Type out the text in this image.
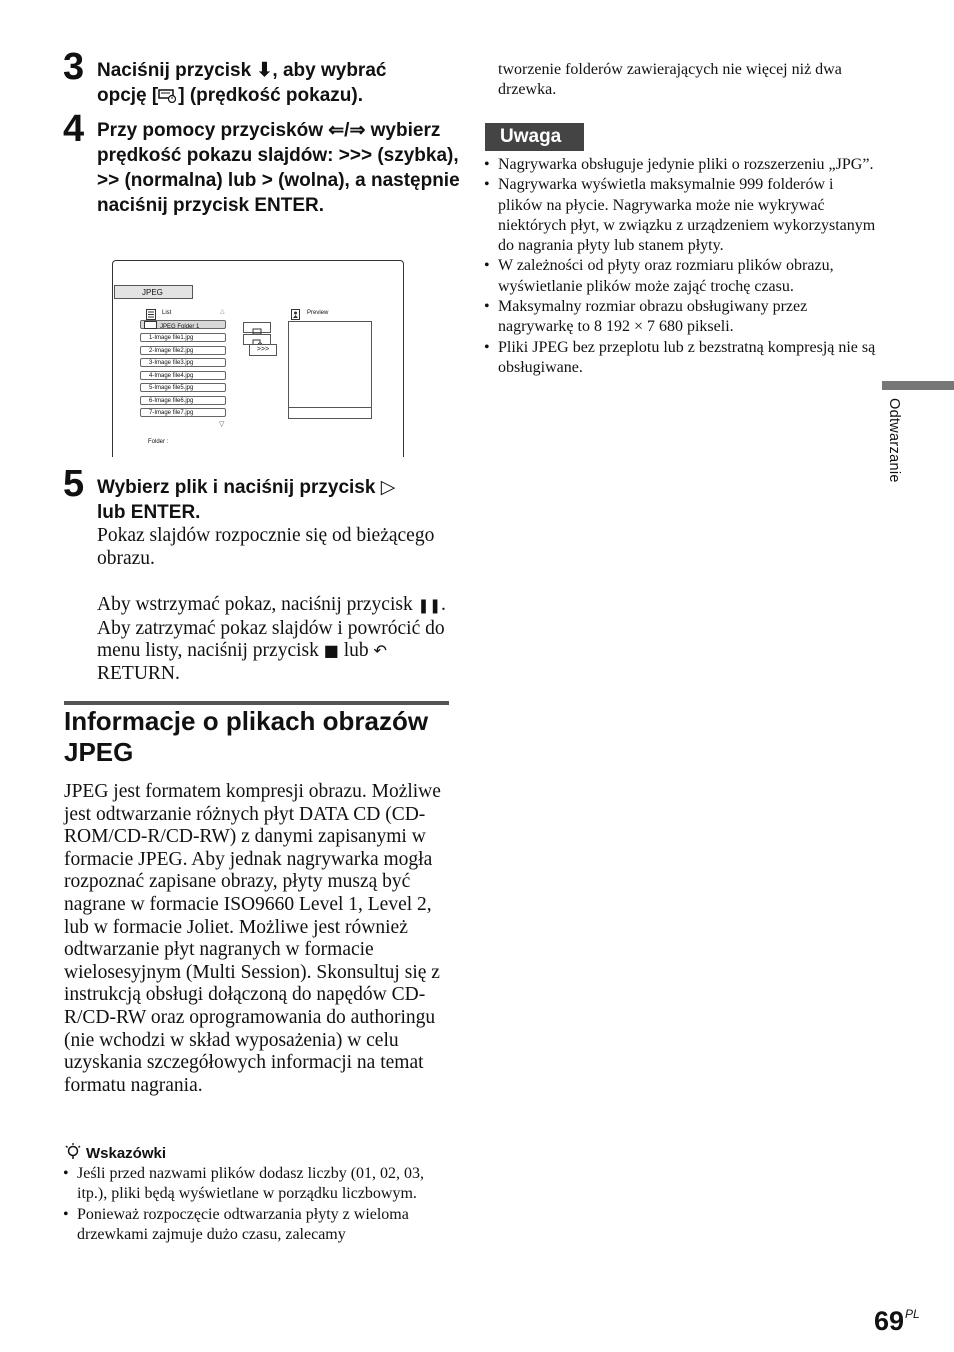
3 Naciśnij przycisk ⬇, aby wybrać
opcję [ ] (prędkość pokazu).
4 Przy pomocy przycisków ⇐/⇒ wybierz prędkość pokazu slajdów: >>> (szybka), >> (normalna) lub > (wolna), a następnie naciśnij przycisk ENTER.
JPEG
List	△
JPEG Folder 1
1-Image file1.jpg
2-Image file2.jpg
3-Image file3.jpg
4-Image file4.jpg
5-Image file5.jpg
6-Image file6.jpg
7-Image file7.jpg
▽
>>>
Preview
Folder :
5 Wybierz plik i naciśnij przycisk ▷
lub ENTER.
Pokaz slajdów rozpocznie się od bieżącego obrazu.
Aby wstrzymać pokaz, naciśnij przycisk ❚❚. Aby zatrzymać pokaz slajdów i powrócić do menu listy, naciśnij przycisk ■ lub ↶ RETURN.
Informacje o plikach obrazów JPEG
JPEG jest formatem kompresji obrazu. Możliwe jest odtwarzanie różnych płyt DATA CD (CD-ROM/CD-R/CD-RW) z danymi zapisanymi w formacie JPEG. Aby jednak nagrywarka mogła rozpoznać zapisane obrazy, płyty muszą być nagrane w formacie ISO9660 Level 1, Level 2, lub w formacie Joliet. Możliwe jest również odtwarzanie płyt nagranych w formacie wielosesyjnym (Multi Session). Skonsultuj się z instrukcją obsługi dołączoną do napędów CD-R/CD-RW oraz oprogramowania do authoringu (nie wchodzi w skład wyposażenia) w celu uzyskania szczegółowych informacji na temat formatu nagrania.
Wskazówki
• Jeśli przed nazwami plików dodasz liczby (01, 02, 03, itp.), pliki będą wyświetlane w porządku liczbowym.
• Ponieważ rozpoczęcie odtwarzania płyty z wieloma drzewkami zajmuje dużo czasu, zalecamy
tworzenie folderów zawierających nie więcej niż dwa drzewka.
Uwaga
• Nagrywarka obsługuje jedynie pliki o rozszerzeniu „JPG”.
• Nagrywarka wyświetla maksymalnie 999 folderów i plików na płycie. Nagrywarka może nie wykrywać niektórych płyt, w związku z urządzeniem wykorzystanym do nagrania płyty lub stanem płyty.
• W zależności od płyty oraz rozmiaru plików obrazu, wyświetlanie plików może zająć trochę czasu.
• Maksymalny rozmiar obrazu obsługiwany przez nagrywarkę to 8 192 × 7 680 pikseli.
• Pliki JPEG bez przeplotu lub z bezstratną kompresją nie są obsługiwane.
Odtwarzanie
$69^{PL}$
